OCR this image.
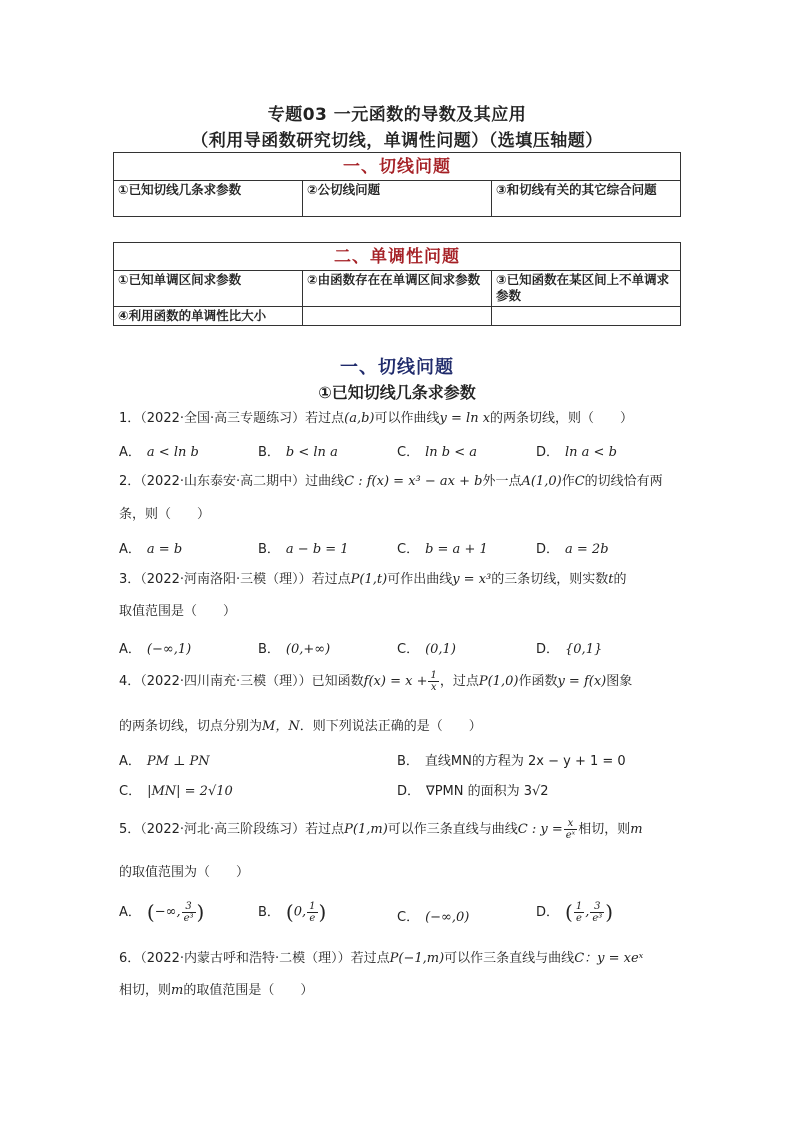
专题03 一元函数的导数及其应用
（利用导函数研究切线，单调性问题）（选填压轴题）
一、切线问题
①已知切线几条求参数	②公切线问题	③和切线有关的其它综合问题
二、单调性问题		
①已知单调区间求参数	②由函数存在在单调区间求参数	③已知函数在某区间上不单调求参数
④利用函数的单调性比大小		
一、切线问题
①已知切线几条求参数
1．（2022·全国·高三专题练习）若过点(a,b)可以作曲线y = ln x的两条切线，则（　　）
A． a < ln b	B． b < ln a	C． ln b < a	D． ln a < b
2．（2022·山东泰安·高二期中）过曲线C : f(x) = x³ − ax + b外一点A(1,0)作C的切线恰有两
条，则（　　）
A． a = b	B． a − b = 1	C． b = a + 1	D． a = 2b
3．（2022·河南洛阳·三模（理））若过点P(1,t)可作出曲线y = x³的三条切线，则实数t的
取值范围是（　　）
A． (−∞,1)	B． (0,+∞)	C． (0,1)	D． {0,1}
4．（2022·四川南充·三模（理））已知函数$f(x) = x + \frac{1}{x}$ ，过点P(1,0)作函数y = f(x)图象
的两条切线，切点分别为M，N．则下列说法正确的是（　　）
A． PM ⊥ PN	B． 直线MN的方程为 2x − y + 1 = 0
C． |MN| = 2√10	D． ∇PMN 的面积为 3√2
5．（2022·河北·高三阶段练习）若过点P(1,m)可以作三条直线与曲线C : $y = \frac{x}{\text{eˣ}}$ 相切，则m
的取值范围为（　　）
A． (−∞, $\frac{3}{\text{e³}}$ )	B． (0, $\frac{1}{e}$ )	C． (−∞,0)	D． ( $\frac{1}{e}$ , $\frac{3}{\text{e³}}$ )
6．（2022·内蒙古呼和浩特·二模（理））若过点P(−1,m)可以作三条直线与曲线C：y = xeˣ
相切，则m的取值范围是（　　）
